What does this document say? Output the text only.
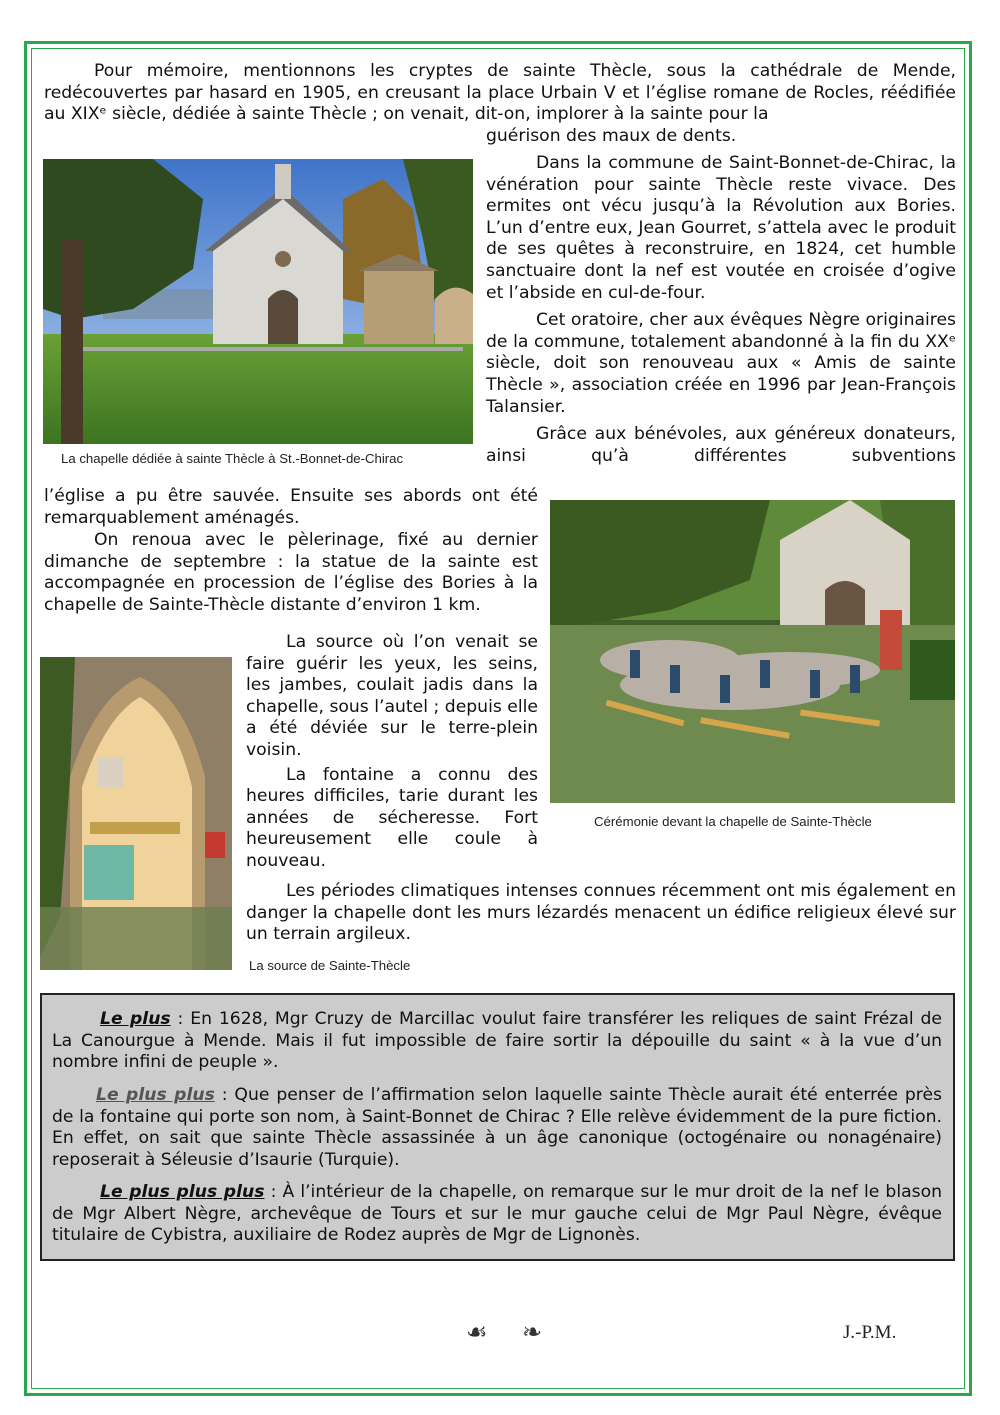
Pour mémoire, mentionnons les cryptes de sainte Thècle, sous la cathédrale de Mende, redécouvertes par hasard en 1905, en creusant la place Urbain V et l’église romane de Rocles, réédifiée au XIXᵉ siècle, dédiée à sainte Thècle ; on venait, dit-on, implorer à la sainte pour la

guérison des maux de dents.

La chapelle dédiée à sainte Thècle à St.-Bonnet-de-Chirac

Dans la commune de Saint-Bonnet-de-Chirac, la vénération pour sainte Thècle reste vivace. Des ermites ont vécu jusqu’à la Révolution aux Bories. L’un d’entre eux, Jean Gourret, s’attela avec le produit de ses quêtes à reconstruire, en 1824, cet humble sanctuaire dont la nef est voutée en croisée d’ogive et l’abside en cul-de-four.

Cet oratoire, cher aux évêques Nègre originaires de la commune, totalement abandonné à la fin du XXᵉ siècle, doit son renouveau aux « Amis de sainte Thècle », association créée en 1996 par Jean-François Talansier.

Grâce aux bénévoles, aux généreux donateurs, ainsi qu’à différentes subventions

l’église a pu être sauvée. Ensuite ses abords ont été remarquablement aménagés.

On renoua avec le pèlerinage, fixé au dernier dimanche de septembre : la statue de la sainte est accompagnée en procession de l’église des Bories à la chapelle de Sainte-Thècle distante d’environ 1 km.

Cérémonie devant la chapelle de Sainte-Thècle
La source de Sainte-Thècle

La source où l’on venait se faire guérir les yeux, les seins, les jambes, coulait jadis dans la chapelle, sous l’autel ; depuis elle a été déviée sur le terre-plein voisin.

La fontaine a connu des heures difficiles, tarie durant les années de sécheresse. Fort heureusement elle coule à nouveau.

Les périodes climatiques intenses connues récemment ont mis également en danger la chapelle dont les murs lézardés menacent un édifice religieux élevé sur un terrain argileux.

Le plus : En 1628, Mgr Cruzy de Marcillac voulut faire transférer les reliques de saint Frézal de La Canourgue à Mende. Mais il fut impossible de faire sortir la dépouille du saint « à la vue d’un nombre infini de peuple ».

Le plus plus : Que penser de l’affirmation selon laquelle sainte Thècle aurait été enterrée près de la fontaine qui porte son nom, à Saint-Bonnet de Chirac ? Elle relève évidemment de la pure fiction. En effet, on sait que sainte Thècle assassinée à un âge canonique (octogénaire ou nonagénaire) reposerait à Séleusie d’Isaurie (Turquie).

Le plus plus plus : À l’intérieur de la chapelle, on remarque sur le mur droit de la nef le blason de Mgr Albert Nègre, archevêque de Tours et sur le mur gauche celui de Mgr Paul Nègre, évêque titulaire de Cybistra, auxiliaire de Rodez auprès de Mgr de Lignonès.

☙ ❧	J.-P.M.
